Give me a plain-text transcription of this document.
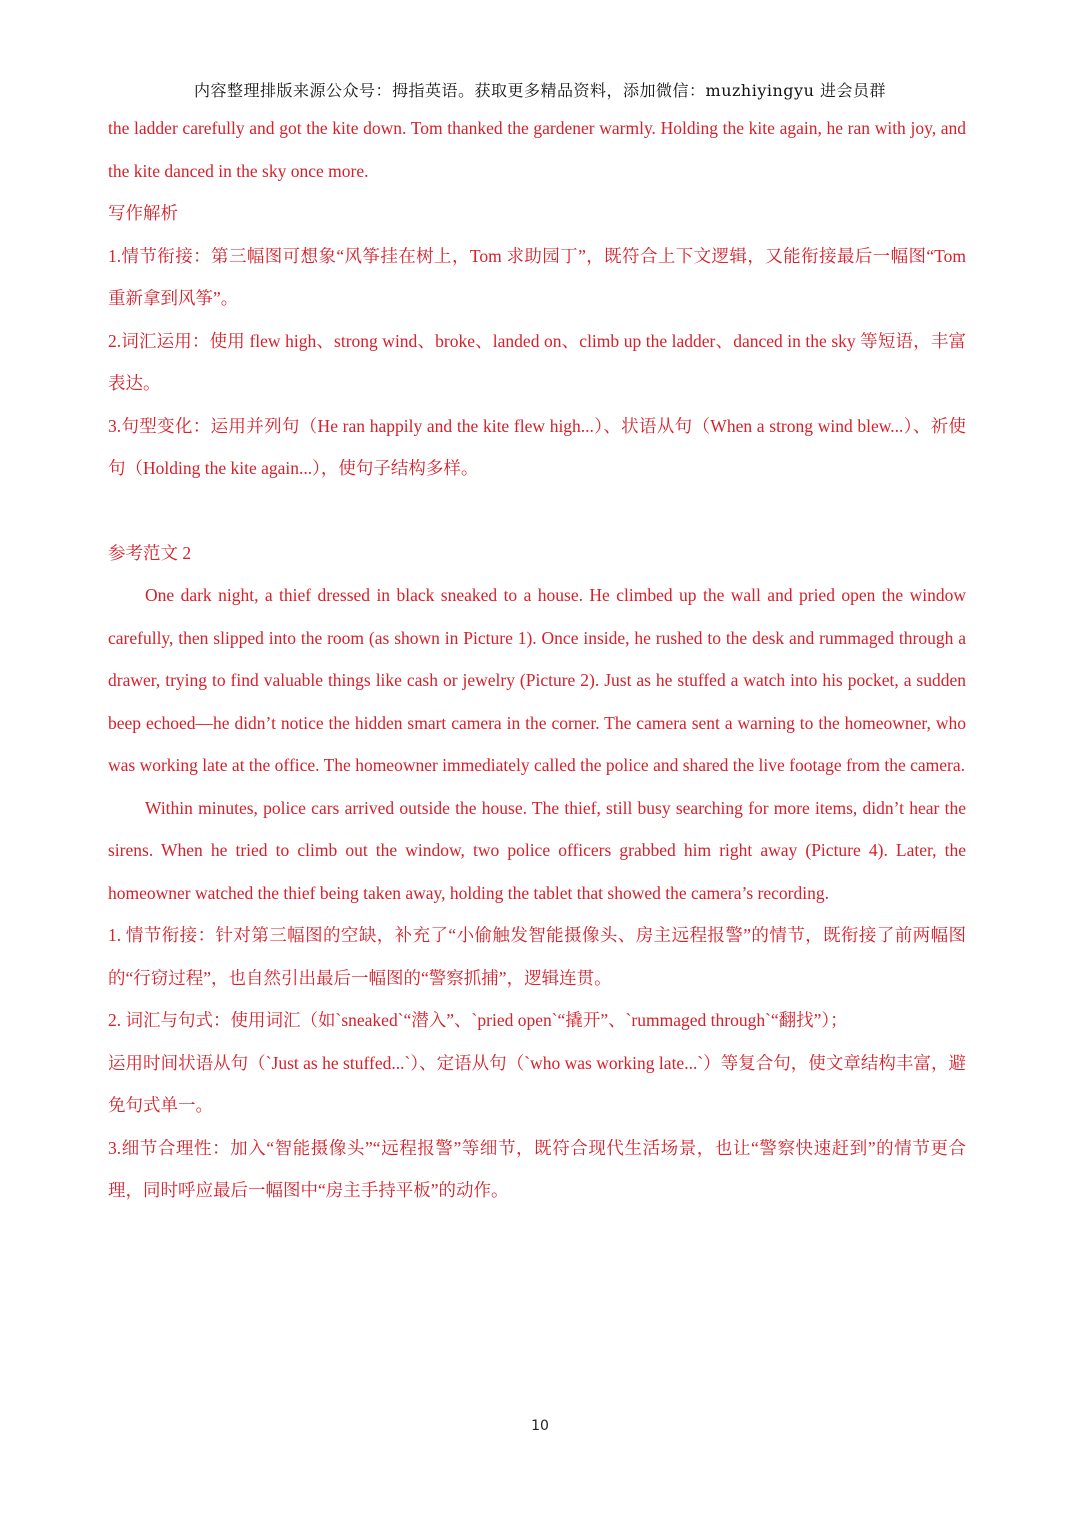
内容整理排版来源公众号：拇指英语。获取更多精品资料，添加微信：muzhiyingyu 进会员群

the ladder carefully and got the kite down. Tom thanked the gardener warmly. Holding the kite again, he ran with joy, and the kite danced in the sky once more.

写作解析

1.情节衔接：第三幅图可想象“风筝挂在树上，Tom 求助园丁”，既符合上下文逻辑，又能衔接最后一幅图“Tom 重新拿到风筝”。

2.词汇运用：使用 flew high、strong wind、broke、landed on、climb up the ladder、danced in the sky 等短语，丰富表达。

3.句型变化：运用并列句（He ran happily and the kite flew high...）、状语从句（When a strong wind blew...）、祈使句（Holding the kite again...），使句子结构多样。

参考范文 2

One dark night, a thief dressed in black sneaked to a house. He climbed up the wall and pried open the window carefully, then slipped into the room (as shown in Picture 1). Once inside, he rushed to the desk and rummaged through a drawer, trying to find valuable things like cash or jewelry (Picture 2). Just as he stuffed a watch into his pocket, a sudden beep echoed—he didn’t notice the hidden smart camera in the corner. The camera sent a warning to the homeowner, who was working late at the office. The homeowner immediately called the police and shared the live footage from the camera.

Within minutes, police cars arrived outside the house. The thief, still busy searching for more items, didn’t hear the sirens. When he tried to climb out the window, two police officers grabbed him right away (Picture 4). Later, the homeowner watched the thief being taken away, holding the tablet that showed the camera’s recording.

1. 情节衔接：针对第三幅图的空缺，补充了“小偷触发智能摄像头、房主远程报警”的情节，既衔接了前两幅图的“行窃过程”，也自然引出最后一幅图的“警察抓捕”，逻辑连贯。

2. 词汇与句式：使用词汇（如`sneaked`“潜入”、`pried open`“撬开”、`rummaged through`“翻找”）；

运用时间状语从句（`Just as he stuffed...`）、定语从句（`who was working late...`）等复合句，使文章结构丰富，避免句式单一。

3.细节合理性：加入“智能摄像头”“远程报警”等细节，既符合现代生活场景，也让“警察快速赶到”的情节更合理，同时呼应最后一幅图中“房主手持平板”的动作。

10
